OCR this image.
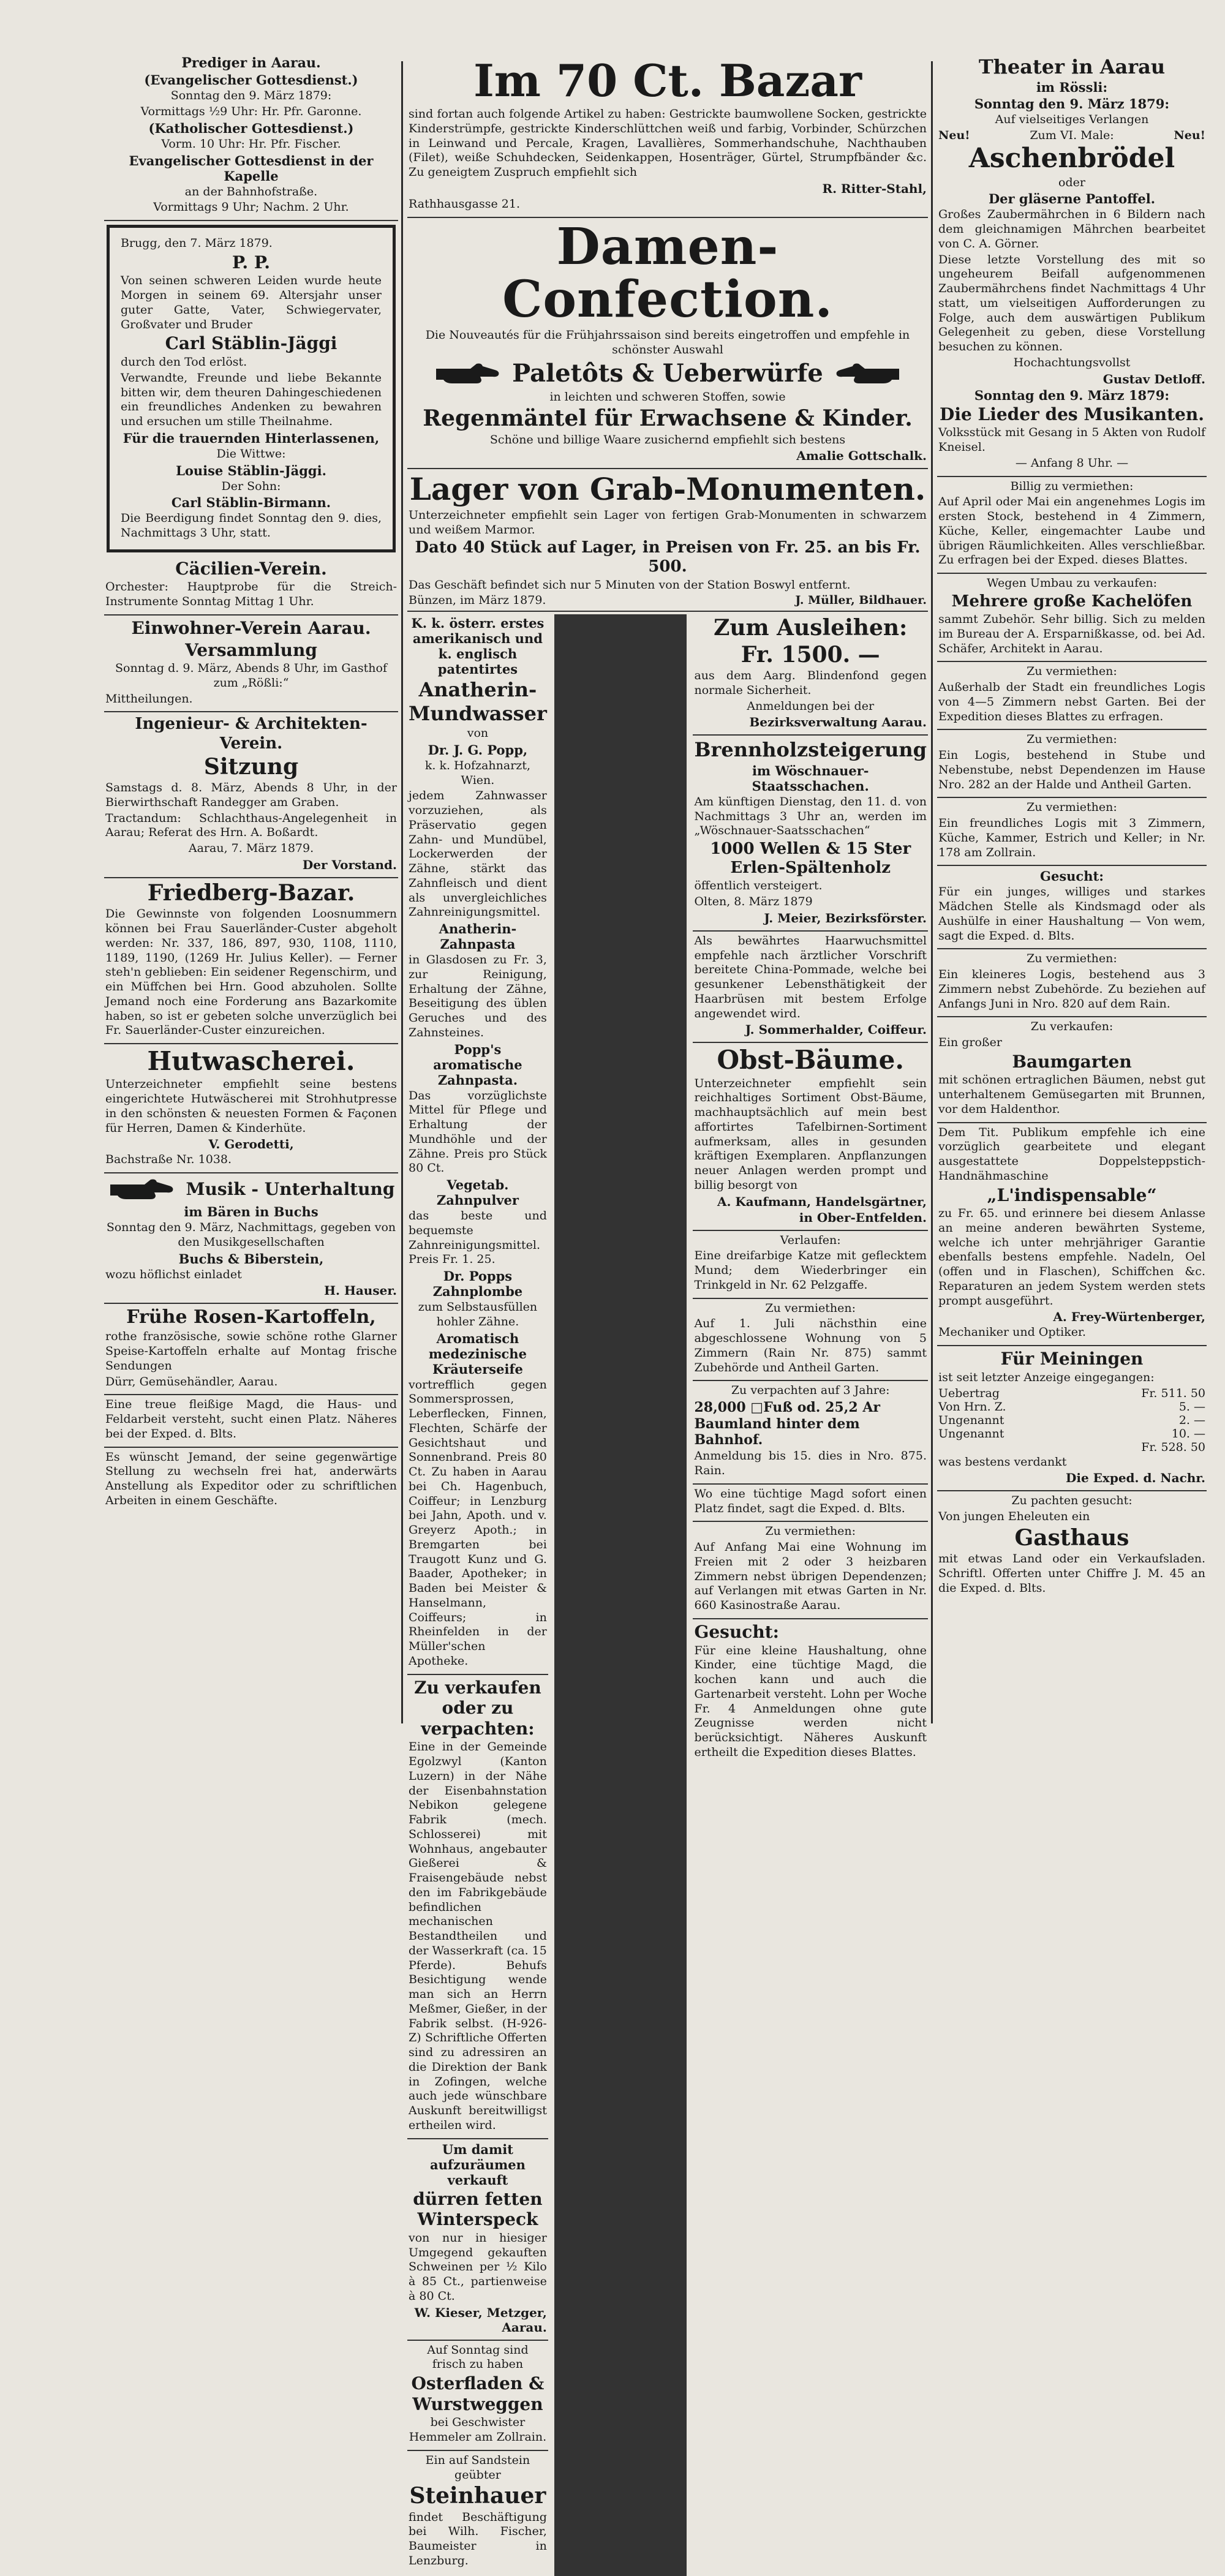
Prediger in Aarau.
(Evangelischer Gottesdienst.)
Sonntag den 9. März 1879:
Vormittags ½9 Uhr: Hr. Pfr. Garonne.
(Katholischer Gottesdienst.)
Vorm. 10 Uhr: Hr. Pfr. Fischer.
Evangelischer Gottesdienst in der Kapelle
an der Bahnhofstraße.
Vormittags 9 Uhr; Nachm. 2 Uhr.
Brugg, den 7. März 1879.
P. P.
Von seinen schweren Leiden wurde heute Morgen in seinem 69. Altersjahr unser guter Gatte, Vater, Schwiegervater, Großvater und Bruder
Carl Stäblin-Jäggi
durch den Tod erlöst.
Verwandte, Freunde und liebe Bekannte bitten wir, dem theuren Dahingeschiedenen ein freundliches Andenken zu bewahren und ersuchen um stille Theilnahme.
Für die trauernden Hinterlassenen,
Die Wittwe:
Louise Stäblin-Jäggi.
Der Sohn:
Carl Stäblin-Birmann.
Die Beerdigung findet Sonntag den 9. dies, Nachmittags 3 Uhr, statt.
Cäcilien-Verein.
Orchester: Hauptprobe für die Streich-Instrumente Sonntag Mittag 1 Uhr.
Einwohner-Verein Aarau.
Versammlung
Sonntag d. 9. März, Abends 8 Uhr, im Gasthof zum „Rößli:“
Mittheilungen.
Ingenieur- & Architekten-Verein.
Sitzung
Samstags d. 8. März, Abends 8 Uhr, in der Bierwirthschaft Randegger am Graben.
Tractandum: Schlachthaus-Angelegenheit in Aarau; Referat des Hrn. A. Boßardt.
Aarau, 7. März 1879.
Der Vorstand.
Friedberg-Bazar.
Die Gewinnste von folgenden Loosnummern können bei Frau Sauerländer-Custer abgeholt werden: Nr. 337, 186, 897, 930, 1108, 1110, 1189, 1190, (1269 Hr. Julius Keller). — Ferner steh'n geblieben: Ein seidener Regenschirm, und ein Müffchen bei Hrn. Good abzuholen. Sollte Jemand noch eine Forderung ans Bazarkomite haben, so ist er gebeten solche unverzüglich bei Fr. Sauerländer-Custer einzureichen.
Hutwascherei.
Unterzeichneter empfiehlt seine bestens eingerichtete Hutwäscherei mit Strohhutpresse in den schönsten & neuesten Formen & Façonen für Herren, Damen & Kinderhüte.
V. Gerodetti,
Bachstraße Nr. 1038.
Musik - Unterhaltung
im Bären in Buchs
Sonntag den 9. März, Nachmittags, gegeben von den Musikgesellschaften
Buchs & Biberstein,
wozu höflichst einladet
H. Hauser.
Frühe Rosen-Kartoffeln,
rothe französische, sowie schöne rothe Glarner Speise-Kartoffeln erhalte auf Montag frische Sendungen
Dürr, Gemüsehändler, Aarau.
Eine treue fleißige Magd, die Haus- und Feldarbeit versteht, sucht einen Platz. Näheres bei der Exped. d. Blts.
Es wünscht Jemand, der seine gegenwärtige Stellung zu wechseln frei hat, anderwärts Anstellung als Expeditor oder zu schriftlichen Arbeiten in einem Geschäfte.
Im 70 Ct. Bazar
sind fortan auch folgende Artikel zu haben: Gestrickte baumwollene Socken, gestrickte Kinderstrümpfe, gestrickte Kinderschlüttchen weiß und farbig, Vorbinder, Schürzchen in Leinwand und Percale, Kragen, Lavallières, Sommerhandschuhe, Nachthauben (Filet), weiße Schuhdecken, Seidenkappen, Hosenträger, Gürtel, Strumpfbänder &c. Zu geneigtem Zuspruch empfiehlt sich
R. Ritter-Stahl,
Rathhausgasse 21.
Damen-Confection.
Die Nouveautés für die Frühjahrssaison sind bereits eingetroffen und empfehle in schönster Auswahl
Paletôts & Ueberwürfe
in leichten und schweren Stoffen, sowie
Regenmäntel für Erwachsene & Kinder.
Schöne und billige Waare zusichernd empfiehlt sich bestens
Amalie Gottschalk.
Lager von Grab-Monumenten.
Unterzeichneter empfiehlt sein Lager von fertigen Grab-Monumenten in schwarzem und weißem Marmor.
Dato 40 Stück auf Lager, in Preisen von Fr. 25. an bis Fr. 500.
Das Geschäft befindet sich nur 5 Minuten von der Station Boswyl entfernt.
Bünzen, im März 1879.	J. Müller, Bildhauer.
K. k. österr. erstes amerikanisch und k. englisch patentirtes
Anatherin-Mundwasser
von
Dr. J. G. Popp,
k. k. Hofzahnarzt, Wien.
jedem Zahnwasser vorzuziehen, als Präservatio gegen Zahn- und Mundübel, Lockerwerden der Zähne, stärkt das Zahnfleisch und dient als unvergleichliches Zahnreinigungsmittel.
Anatherin-Zahnpasta
in Glasdosen zu Fr. 3, zur Reinigung, Erhaltung der Zähne, Beseitigung des üblen Geruches und des Zahnsteines.
Popp's aromatische Zahnpasta.
Das vorzüglichste Mittel für Pflege und Erhaltung der Mundhöhle und der Zähne. Preis pro Stück 80 Ct.
Vegetab. Zahnpulver
das beste und bequemste Zahnreinigungsmittel. Preis Fr. 1. 25.
Dr. Popps Zahnplombe
zum Selbstausfüllen hohler Zähne.
Aromatisch medezinische Kräuterseife
vortrefflich gegen Sommersprossen, Leberflecken, Finnen, Flechten, Schärfe der Gesichtshaut und Sonnenbrand. Preis 80 Ct. Zu haben in Aarau bei Ch. Hagenbuch, Coiffeur; in Lenzburg bei Jahn, Apoth. und v. Greyerz Apoth.; in Bremgarten bei Traugott Kunz und G. Baader, Apotheker; in Baden bei Meister & Hanselmann, Coiffeurs; in Rheinfelden in der Müller'schen Apotheke.
Zu verkaufen oder zu verpachten:
Eine in der Gemeinde Egolzwyl (Kanton Luzern) in der Nähe der Eisenbahnstation Nebikon gelegene Fabrik (mech. Schlosserei) mit Wohnhaus, angebauter Gießerei & Fraisengebäude nebst den im Fabrikgebäude befindlichen mechanischen Bestandtheilen und der Wasserkraft (ca. 15 Pferde). Behufs Besichtigung wende man sich an Herrn Meßmer, Gießer, in der Fabrik selbst. (H-926-Z) Schriftliche Offerten sind zu adressiren an die Direktion der Bank in Zofingen, welche auch jede wünschbare Auskunft bereitwilligst ertheilen wird.
Um damit aufzuräumen verkauft
dürren fetten Winterspeck
von nur in hiesiger Umgegend gekauften Schweinen per ½ Kilo à 85 Ct., partienweise à 80 Ct.
W. Kieser, Metzger, Aarau.
Auf Sonntag sind frisch zu haben
Osterfladen & Wurstweggen
bei Geschwister Hemmeler am Zollrain.
Ein auf Sandstein geübter
Steinhauer
findet Beschäftigung bei Wilh. Fischer, Baumeister in Lenzburg.
Zum Ausleihen:
Fr. 1500. —
aus dem Aarg. Blindenfond gegen normale Sicherheit.
Anmeldungen bei der
Bezirksverwaltung Aarau.
Brennholzsteigerung
im Wöschnauer-Staatsschachen.
Am künftigen Dienstag, den 11. d. von Nachmittags 3 Uhr an, werden im „Wöschnauer-Saatsschachen“
1000 Wellen & 15 Ster Erlen-Spältenholz
öffentlich versteigert.
Olten, 8. März 1879
J. Meier, Bezirksförster.
Als bewährtes Haarwuchsmittel empfehle nach ärztlicher Vorschrift bereitete China-Pommade, welche bei gesunkener Lebensthätigkeit der Haarbrüsen mit bestem Erfolge angewendet wird.
J. Sommerhalder, Coiffeur.
Obst-Bäume.
Unterzeichneter empfiehlt sein reichhaltiges Sortiment Obst-Bäume, machhauptsächlich auf mein best affortirtes Tafelbirnen-Sortiment aufmerksam, alles in gesunden kräftigen Exemplaren. Anpflanzungen neuer Anlagen werden prompt und billig besorgt von
A. Kaufmann, Handelsgärtner,
in Ober-Entfelden.
Verlaufen:
Eine dreifarbige Katze mit geflecktem Mund; dem Wiederbringer ein Trinkgeld in Nr. 62 Pelzgaffe.
Zu vermiethen:
Auf 1. Juli nächsthin eine abgeschlossene Wohnung von 5 Zimmern (Rain Nr. 875) sammt Zubehörde und Antheil Garten.
Zu verpachten auf 3 Jahre:
28,000 □Fuß od. 25,2 Ar Baumland hinter dem Bahnhof.
Anmeldung bis 15. dies in Nro. 875. Rain.
Wo eine tüchtige Magd sofort einen Platz findet, sagt die Exped. d. Blts.
Zu vermiethen:
Auf Anfang Mai eine Wohnung im Freien mit 2 oder 3 heizbaren Zimmern nebst übrigen Dependenzen; auf Verlangen mit etwas Garten in Nr. 660 Kasinostraße Aarau.
Gesucht:
Für eine kleine Haushaltung, ohne Kinder, eine tüchtige Magd, die kochen kann und auch die Gartenarbeit versteht. Lohn per Woche Fr. 4 Anmeldungen ohne gute Zeugnisse werden nicht berücksichtigt. Näheres Auskunft ertheilt die Expedition dieses Blattes.
Theater in Aarau
im Rössli:
Sonntag den 9. März 1879:
Auf vielseitiges Verlangen
Neu!	Zum VI. Male:	Neu!
Aschenbrödel
oder
Der gläserne Pantoffel.
Großes Zaubermährchen in 6 Bildern nach dem gleichnamigen Mährchen bearbeitet von C. A. Görner.
Diese letzte Vorstellung des mit so ungeheurem Beifall aufgenommenen Zaubermährchens findet Nachmittags 4 Uhr statt, um vielseitigen Aufforderungen zu Folge, auch dem auswärtigen Publikum Gelegenheit zu geben, diese Vorstellung besuchen zu können.
Hochachtungsvollst
Gustav Detloff.
Sonntag den 9. März 1879:
Die Lieder des Musikanten.
Volksstück mit Gesang in 5 Akten von Rudolf Kneisel.
— Anfang 8 Uhr. —
Billig zu vermiethen:
Auf April oder Mai ein angenehmes Logis im ersten Stock, bestehend in 4 Zimmern, Küche, Keller, eingemachter Laube und übrigen Räumlichkeiten. Alles verschließbar. Zu erfragen bei der Exped. dieses Blattes.
Wegen Umbau zu verkaufen:
Mehrere große Kachelöfen
sammt Zubehör. Sehr billig. Sich zu melden im Bureau der A. Ersparnißkasse, od. bei Ad. Schäfer, Architekt in Aarau.
Zu vermiethen:
Außerhalb der Stadt ein freundliches Logis von 4—5 Zimmern nebst Garten. Bei der Expedition dieses Blattes zu erfragen.
Zu vermiethen:
Ein Logis, bestehend in Stube und Nebenstube, nebst Dependenzen im Hause Nro. 282 an der Halde und Antheil Garten.
Zu vermiethen:
Ein freundliches Logis mit 3 Zimmern, Küche, Kammer, Estrich und Keller; in Nr. 178 am Zollrain.
Gesucht:
Für ein junges, williges und starkes Mädchen Stelle als Kindsmagd oder als Aushülfe in einer Haushaltung — Von wem, sagt die Exped. d. Blts.
Zu vermiethen:
Ein kleineres Logis, bestehend aus 3 Zimmern nebst Zubehörde. Zu beziehen auf Anfangs Juni in Nro. 820 auf dem Rain.
Zu verkaufen:
Ein großer
Baumgarten
mit schönen ertraglichen Bäumen, nebst gut unterhaltenem Gemüsegarten mit Brunnen, vor dem Haldenthor.
Dem Tit. Publikum empfehle ich eine vorzüglich gearbeitete und elegant ausgestattete Doppelsteppstich-Handnähmaschine
„L'indispensable“
zu Fr. 65. und erinnere bei diesem Anlasse an meine anderen bewährten Systeme, welche ich unter mehrjähriger Garantie ebenfalls bestens empfehle. Nadeln, Oel (offen und in Flaschen), Schiffchen &c. Reparaturen an jedem System werden stets prompt ausgeführt.
A. Frey-Würtenberger,
Mechaniker und Optiker.
Für Meiningen
ist seit letzter Anzeige eingegangen:
Uebertrag	Fr. 511. 50
Von Hrn. Z.	5. —
Ungenannt	2. —
Ungenannt	10. —
Fr. 528. 50
was bestens verdankt
Die Exped. d. Nachr.
Zu pachten gesucht:
Von jungen Eheleuten ein
Gasthaus
mit etwas Land oder ein Verkaufsladen. Schriftl. Offerten unter Chiffre J. M. 45 an die Exped. d. Blts.
